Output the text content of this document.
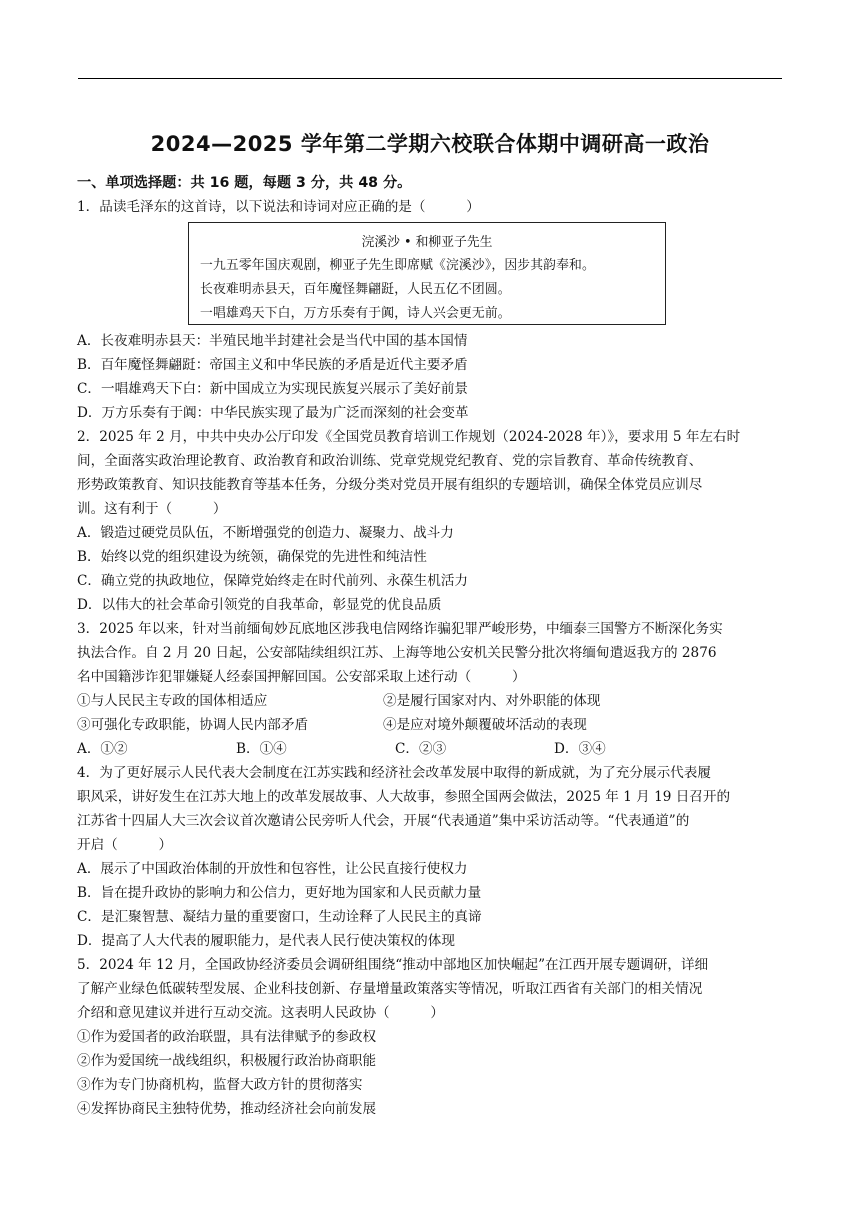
2024—2025 学年第二学期六校联合体期中调研高一政治
一、单项选择题：共 16 题，每题 3 分，共 48 分。
1．品读毛泽东的这首诗，以下说法和诗词对应正确的是（　　　）
浣溪沙 • 和柳亚子先生
一九五零年国庆观剧，柳亚子先生即席赋《浣溪沙》，因步其韵奉和。
长夜难明赤县天，百年魔怪舞翩跹，人民五亿不团圆。
一唱雄鸡天下白，万方乐奏有于阗，诗人兴会更无前。
A．长夜难明赤县天：半殖民地半封建社会是当代中国的基本国情
B．百年魔怪舞翩跹：帝国主义和中华民族的矛盾是近代主要矛盾
C．一唱雄鸡天下白：新中国成立为实现民族复兴展示了美好前景
D．万方乐奏有于阗：中华民族实现了最为广泛而深刻的社会变革
2．2025 年 2 月，中共中央办公厅印发《全国党员教育培训工作规划（2024-2028 年）》，要求用 5 年左右时
间，全面落实政治理论教育、政治教育和政治训练、党章党规党纪教育、党的宗旨教育、革命传统教育、
形势政策教育、知识技能教育等基本任务，分级分类对党员开展有组织的专题培训，确保全体党员应训尽
训。这有利于（　　　）
A．锻造过硬党员队伍，不断增强党的创造力、凝聚力、战斗力
B．始终以党的组织建设为统领，确保党的先进性和纯洁性
C．确立党的执政地位，保障党始终走在时代前列、永葆生机活力
D．以伟大的社会革命引领党的自我革命，彰显党的优良品质
3．2025 年以来，针对当前缅甸妙瓦底地区涉我电信网络诈骗犯罪严峻形势，中缅泰三国警方不断深化务实
执法合作。自 2 月 20 日起，公安部陆续组织江苏、上海等地公安机关民警分批次将缅甸遣返我方的 2876
名中国籍涉诈犯罪嫌疑人经泰国押解回国。公安部采取上述行动（　　　）
①与人民民主专政的国体相适应	②是履行国家对内、对外职能的体现
③可强化专政职能，协调人民内部矛盾	④是应对境外颠覆破坏活动的表现
A．①②	B．①④	C．②③	D．③④
4．为了更好展示人民代表大会制度在江苏实践和经济社会改革发展中取得的新成就，为了充分展示代表履
职风采，讲好发生在江苏大地上的改革发展故事、人大故事，参照全国两会做法，2025 年 1 月 19 日召开的
江苏省十四届人大三次会议首次邀请公民旁听人代会，开展“代表通道”集中采访活动等。“代表通道”的
开启（　　　）
A．展示了中国政治体制的开放性和包容性，让公民直接行使权力
B．旨在提升政协的影响力和公信力，更好地为国家和人民贡献力量
C．是汇聚智慧、凝结力量的重要窗口，生动诠释了人民民主的真谛
D．提高了人大代表的履职能力，是代表人民行使决策权的体现
5．2024 年 12 月，全国政协经济委员会调研组围绕“推动中部地区加快崛起”在江西开展专题调研，详细
了解产业绿色低碳转型发展、企业科技创新、存量增量政策落实等情况，听取江西省有关部门的相关情况
介绍和意见建议并进行互动交流。这表明人民政协（　　　）
①作为爱国者的政治联盟，具有法律赋予的参政权
②作为爱国统一战线组织，积极履行政治协商职能
③作为专门协商机构，监督大政方针的贯彻落实
④发挥协商民主独特优势，推动经济社会向前发展
